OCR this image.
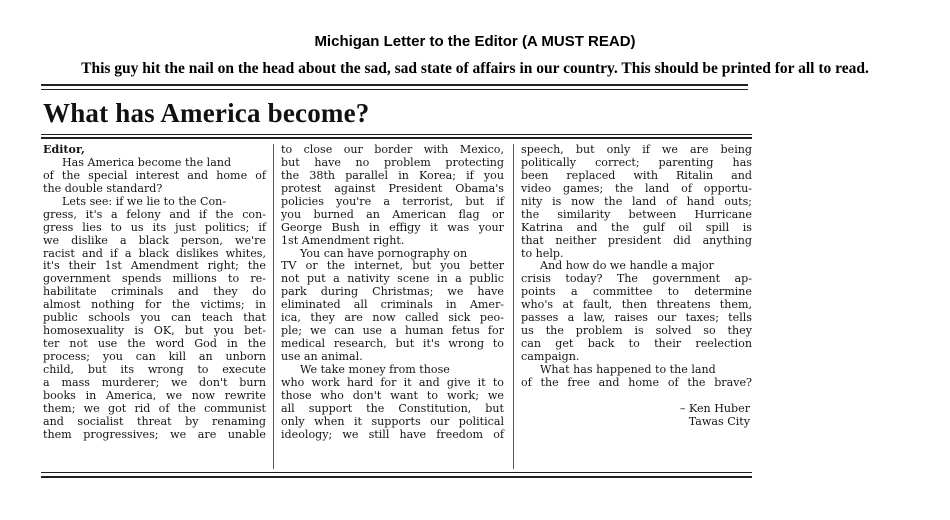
Michigan Letter to the Editor (A MUST READ)
This guy hit the nail on the head about the sad, sad state of affairs in our country. This should be printed for all to read.
What has America become?
Editor,
Has America become the land
of the special interest and home of
the double standard?
Lets see: if we lie to the Con-
gress, it's a felony and if the con-
gress lies to us its just politics; if
we dislike a black person, we're
racist and if a black dislikes whites,
it's their 1st Amendment right; the
government spends millions to re-
habilitate criminals and they do
almost nothing for the victims; in
public schools you can teach that
homosexuality is OK, but you bet-
ter not use the word God in the
process; you can kill an unborn
child, but its wrong to execute
a mass murderer; we don't burn
books in America, we now rewrite
them; we got rid of the communist
and socialist threat by renaming
them progressives; we are unable
to close our border with Mexico,
but have no problem protecting
the 38th parallel in Korea; if you
protest against President Obama's
policies you're a terrorist, but if
you burned an American flag or
George Bush in effigy it was your
1st Amendment right.
You can have pornography on
TV or the internet, but you better
not put a nativity scene in a public
park during Christmas; we have
eliminated all criminals in Amer-
ica, they are now called sick peo-
ple; we can use a human fetus for
medical research, but it's wrong to
use an animal.
We take money from those
who work hard for it and give it to
those who don't want to work; we
all support the Constitution, but
only when it supports our political
ideology; we still have freedom of
speech, but only if we are being
politically correct; parenting has
been replaced with Ritalin and
video games; the land of opportu-
nity is now the land of hand outs;
the similarity between Hurricane
Katrina and the gulf oil spill is
that neither president did anything
to help.
And how do we handle a major
crisis today? The government ap-
points a committee to determine
who's at fault, then threatens them,
passes a law, raises our taxes; tells
us the problem is solved so they
can get back to their reelection
campaign.
What has happened to the land
of the free and home of the brave?
– Ken Huber
Tawas City
